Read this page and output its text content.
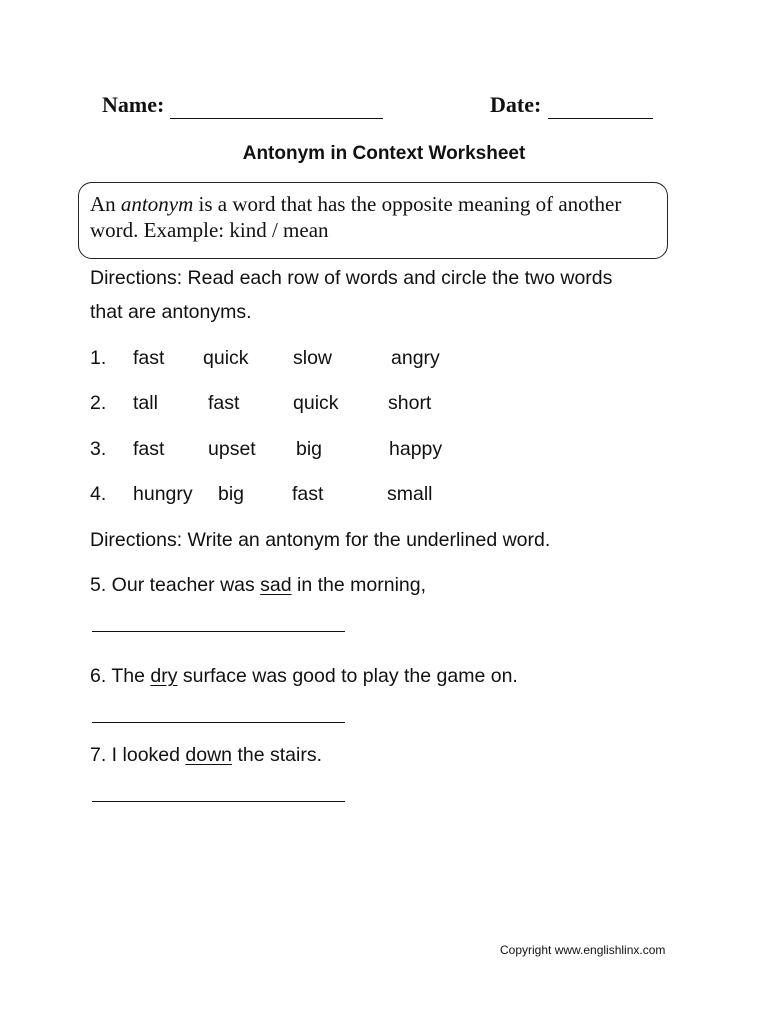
Name:	Date:
Antonym in Context Worksheet
An antonym is a word that has the opposite meaning of another word. Example: kind / mean
Directions: Read each row of words and circle the two words
that are antonyms.
1. fast quick slow	angry
2. tall	fast	quick	short
3. fast upset big	happy
4. hungry big fast	small
Directions: Write an antonym for the underlined word.
5. Our teacher was sad in the morning,
6. The dry surface was good to play the game on.
7. I looked down the stairs.
Copyright www.englishlinx.com
